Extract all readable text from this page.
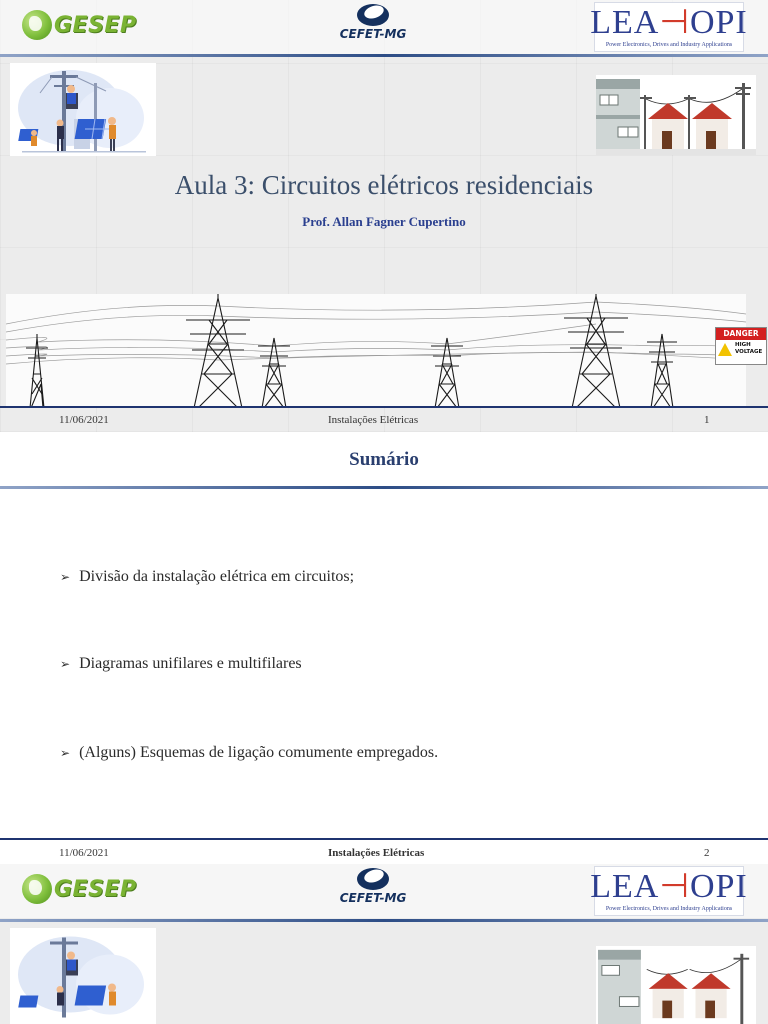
GESEP	CEFET-MG	LEA⊣OPI
Power Electronics, Drives and Industry Applications
Aula 3: Circuitos elétricos residenciais
Prof. Allan Fagner Cupertino
DANGER
HIGH
VOLTAGE
11/06/2021	Instalações Elétricas	1
Sumário
➢ Divisão da instalação elétrica em circuitos;
➢ Diagramas unifilares e multifilares
➢ (Alguns) Esquemas de ligação comumente empregados.
11/06/2021	Instalações Elétricas	2
GESEP	CEFET-MG	LEA⊣OPI
Power Electronics, Drives and Industry Applications
